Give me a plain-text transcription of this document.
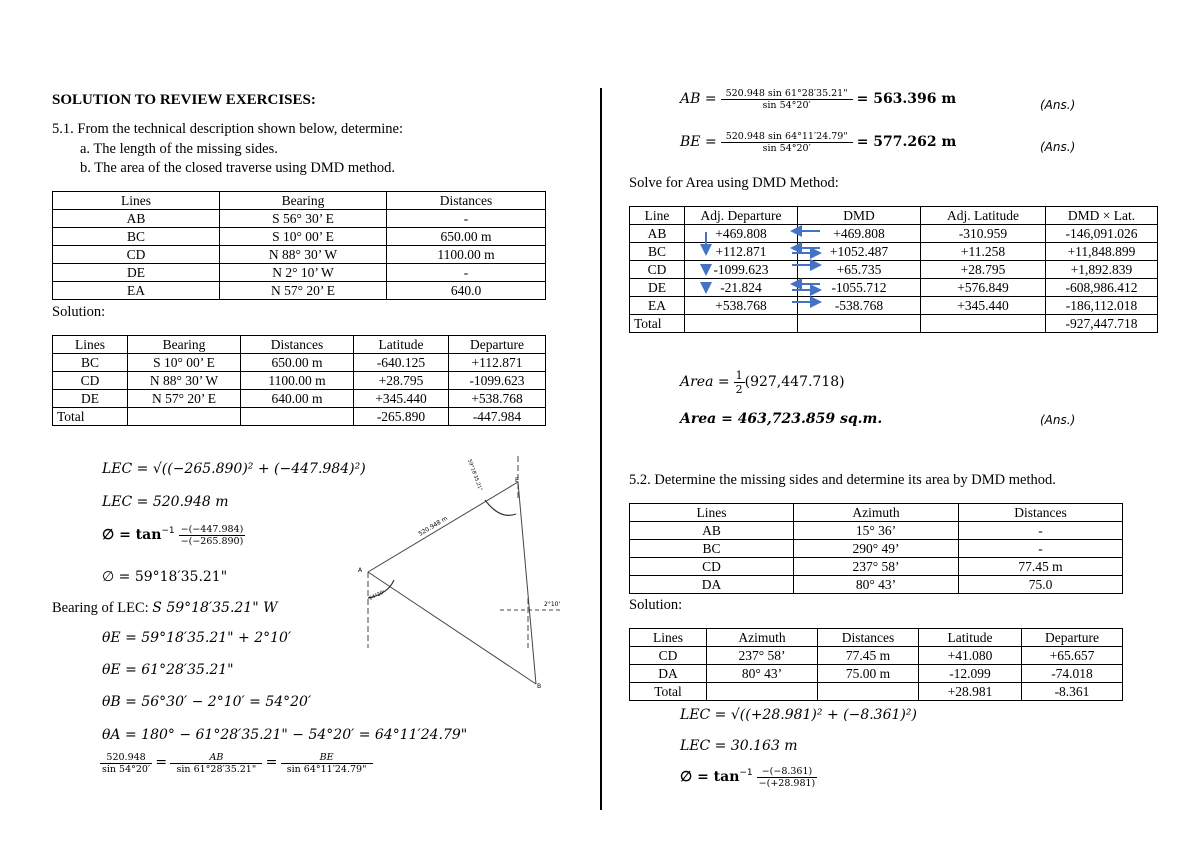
SOLUTION TO REVIEW EXERCISES:
5.1. From the technical description shown below, determine:
a. The length of the missing sides.
b. The area of the closed traverse using DMD method.
Lines	Bearing	Distances
AB	S 56° 30’ E	-
BC	S 10° 00’ E	650.00 m
CD	N 88° 30’ W	1100.00 m
DE	N 2° 10’ W	-
EA	N 57° 20’ E	640.0
Solution:
Lines	Bearing	Distances	Latitude	Departure
BC	S 10° 00’ E	650.00 m	-640.125	+112.871
CD	N 88° 30’ W	1100.00 m	+28.795	-1099.623
DE	N 57° 20’ E	640.00 m	+345.440	+538.768
Total			-265.890	-447.984
LEC = √((−265.890)² + (−447.984)²)
LEC = 520.948 m
∅ = $\tan^{-1} \frac{-(-447.984)}{-(-265.890)}$
∅ = 59°18′35.21"
Bearing of LEC: S 59°18′35.21" W
θE = 59°18′35.21" + 2°10′
θE = 61°28′35.21"
θB = 56°30′ − 2°10′ = 54°20′
θA = 180° − 61°28′35.21" − 54°20′ = 64°11′24.79"
$\frac{520.948}{\sin 54^\circ 20'} = \frac{AB}{\sin 61^\circ 28'35.21"} = \frac{BE}{\sin 64^\circ 11'24.79"}$
A
E
B
520.948 m
59°18'35.21"
2°10'
64°20'
AB = $\frac{520.948 \sin 61^\circ 28'35.21"}{\sin 54^\circ 20'} = 563.396$ m	(Ans.)
BE = $\frac{520.948 \sin 64^\circ 11'24.79"}{\sin 54^\circ 20'} = 577.262$ m	(Ans.)
Solve for Area using DMD Method:
Line	Adj. Departure	DMD	Adj. Latitude	DMD × Lat.
AB	+469.808	+469.808	-310.959	-146,091.026
BC	+112.871	+1052.487	+11.258	+11,848.899
CD	-1099.623	+65.735	+28.795	+1,892.839
DE	-21.824	-1055.712	+576.849	-608,986.412
EA	+538.768	-538.768	+345.440	-186,112.018
Total				-927,447.718
Area = $\frac{1}{2} (927,447.718)$
Area = 463,723.859 sq.m.	(Ans.)
5.2. Determine the missing sides and determine its area by DMD method.
Lines	Azimuth	Distances
AB	15° 36’	-
BC	290° 49’	-
CD	237° 58’	77.45 m
DA	80° 43’	75.0
Solution:
Lines	Azimuth	Distances	Latitude	Departure
CD	237° 58’	77.45 m	+41.080	+65.657
DA	80° 43’	75.00 m	-12.099	-74.018
Total			+28.981	-8.361
LEC = √((+28.981)² + (−8.361)²)
LEC = 30.163 m
∅ = $\tan^{-1} \frac{-(-8.361)}{-(+28.981)}$
